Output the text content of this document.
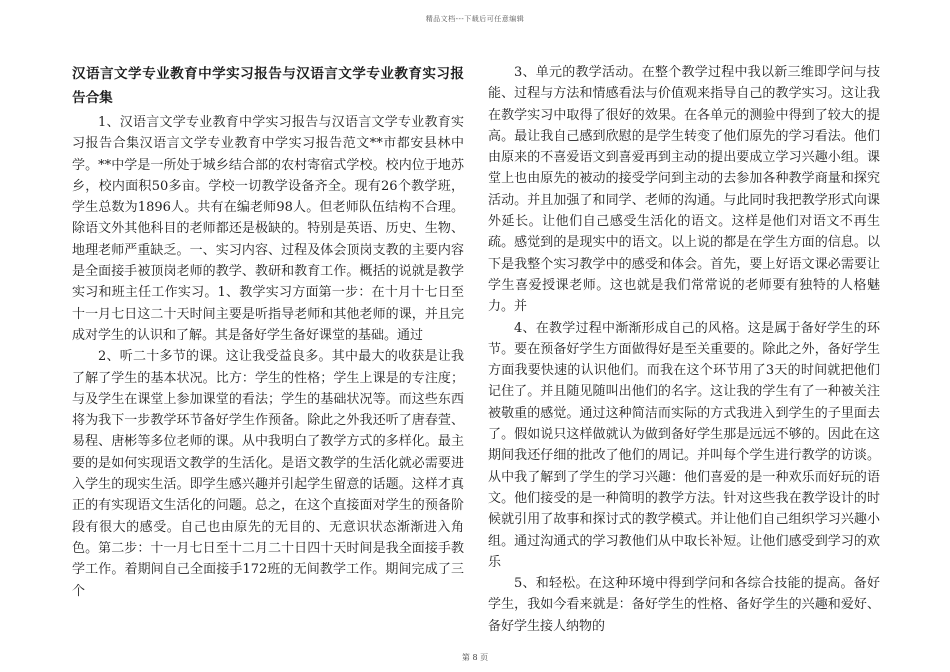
精品文档---下载后可任意编辑
汉语言文学专业教育中学实习报告与汉语言文学专业教育实习报告合集

1、汉语言文学专业教育中学实习报告与汉语言文学专业教育实习报告合集汉语言文学专业教育中学实习报告范文**市都安县林中学。**中学是一所处于城乡结合部的农村寄宿式学校。校内位于地苏乡，校内面积50多亩。学校一切教学设备齐全。现有26个教学班，学生总数为1896人。共有在编老师98人。但老师队伍结构不合理。除语文外其他科目的老师都还是极缺的。特别是英语、历史、生物、地理老师严重缺乏。一、实习内容、过程及体会顶岗支教的主要内容是全面接手被顶岗老师的教学、教研和教育工作。概括的说就是教学实习和班主任工作实习。1、教学实习方面第一步：在十月十七日至十一月七日这二十天时间主要是听指导老师和其他老师的课，并且完成对学生的认识和了解。其是备好学生备好课堂的基础。通过

2、听二十多节的课。这让我受益良多。其中最大的收获是让我了解了学生的基本状况。比方：学生的性格；学生上课是的专注度；与及学生在课堂上参加课堂的看法；学生的基础状况等。而这些东西将为我下一步教学环节备好学生作预备。除此之外我还听了唐春萱、易程、唐彬等多位老师的课。从中我明白了教学方式的多样化。最主要的是如何实现语文教学的生活化。是语文教学的生活化就必需要进入学生的现实生活。即学生感兴趣并引起学生留意的话题。这样才真正的有实现语文生活化的问题。总之，在这个直接面对学生的预备阶段有很大的感受。自己也由原先的无目的、无意识状态渐渐进入角色。第二步：十一月七日至十二月二十日四十天时间是我全面接手教学工作。着期间自己全面接手172班的无间教学工作。期间完成了三个

3、单元的教学活动。在整个教学过程中我以新三维即学问与技能、过程与方法和情感看法与价值观来指导自己的教学实习。这让我在教学实习中取得了很好的效果。在各单元的测验中得到了较大的提高。最让我自己感到欣慰的是学生转变了他们原先的学习看法。他们由原来的不喜爱语文到喜爱再到主动的提出要成立学习兴趣小组。课堂上也由原先的被动的接受学问到主动的去参加各种教学商量和探究活动。并且加强了和同学、老师的沟通。与此同时我把教学形式向课外延长。让他们自己感受生活化的语文。这样是他们对语文不再生疏。感觉到的是现实中的语文。以上说的都是在学生方面的信息。以下是我整个实习教学中的感受和体会。首先，要上好语文课必需要让学生喜爱授课老师。这也就是我们常常说的老师要有独特的人格魅力。并

4、在教学过程中渐渐形成自己的风格。这是属于备好学生的环节。要在预备好学生方面做得好是至关重要的。除此之外，备好学生方面我要快速的认识他们。而我在这个环节用了3天的时间就把他们记住了。并且随见随叫出他们的名字。这让我的学生有了一种被关注被敬重的感觉。通过这种简洁而实际的方式我进入到学生的子里面去了。假如说只这样做就认为做到备好学生那是远远不够的。因此在这期间我还仔细的批改了他们的周记。并叫每个学生进行教学的访谈。从中我了解到了学生的学习兴趣：他们喜爱的是一种欢乐而好玩的语文。他们接受的是一种简明的教学方法。针对这些我在教学设计的时候就引用了故事和探讨式的教学模式。并让他们自己组织学习兴趣小组。通过沟通式的学习教他们从中取长补短。让他们感受到学习的欢乐

5、和轻松。在这种环境中得到学问和各综合技能的提高。备好学生，我如今看来就是：备好学生的性格、备好学生的兴趣和爱好、备好学生接人纳物的

第 8 页
